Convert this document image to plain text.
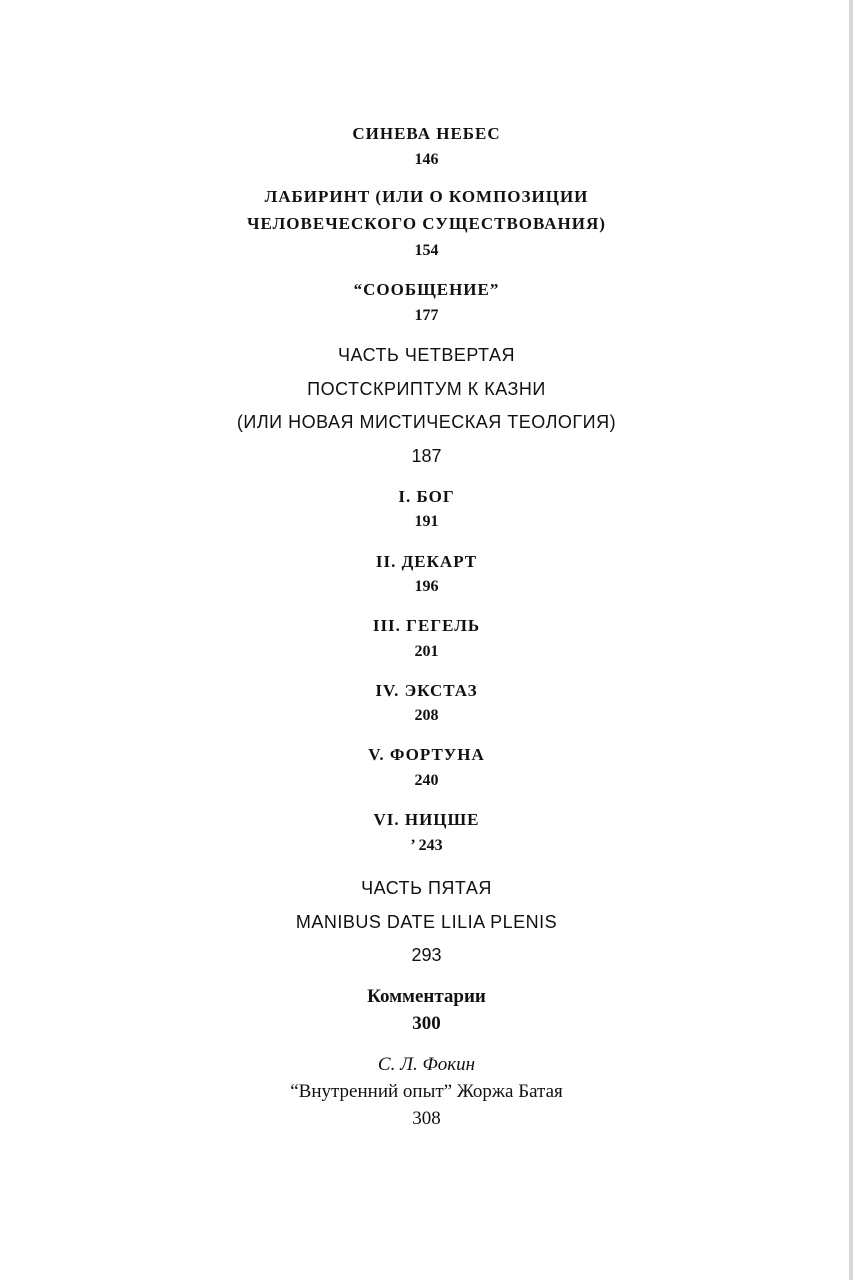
СИНЕВА НЕБЕС
146
ЛАБИРИНТ (ИЛИ О КОМПОЗИЦИИ
ЧЕЛОВЕЧЕСКОГО СУЩЕСТВОВАНИЯ)
154
“СООБЩЕНИЕ”
177
ЧАСТЬ ЧЕТВЕРТАЯ
ПОСТСКРИПТУМ К КАЗНИ
(ИЛИ НОВАЯ МИСТИЧЕСКАЯ ТЕОЛОГИЯ)
187
I. БОГ
191
II. ДЕКАРТ
196
III. ГЕГЕЛЬ
201
IV. ЭКСТАЗ
208
V. ФОРТУНА
240
VI. НИЦШЕ
’ 243
ЧАСТЬ ПЯТАЯ
MANIBUS DATE LILIA PLENIS
293
Комментарии
300
С. Л. Фокин
“Внутренний опыт” Жоржа Батая
308
